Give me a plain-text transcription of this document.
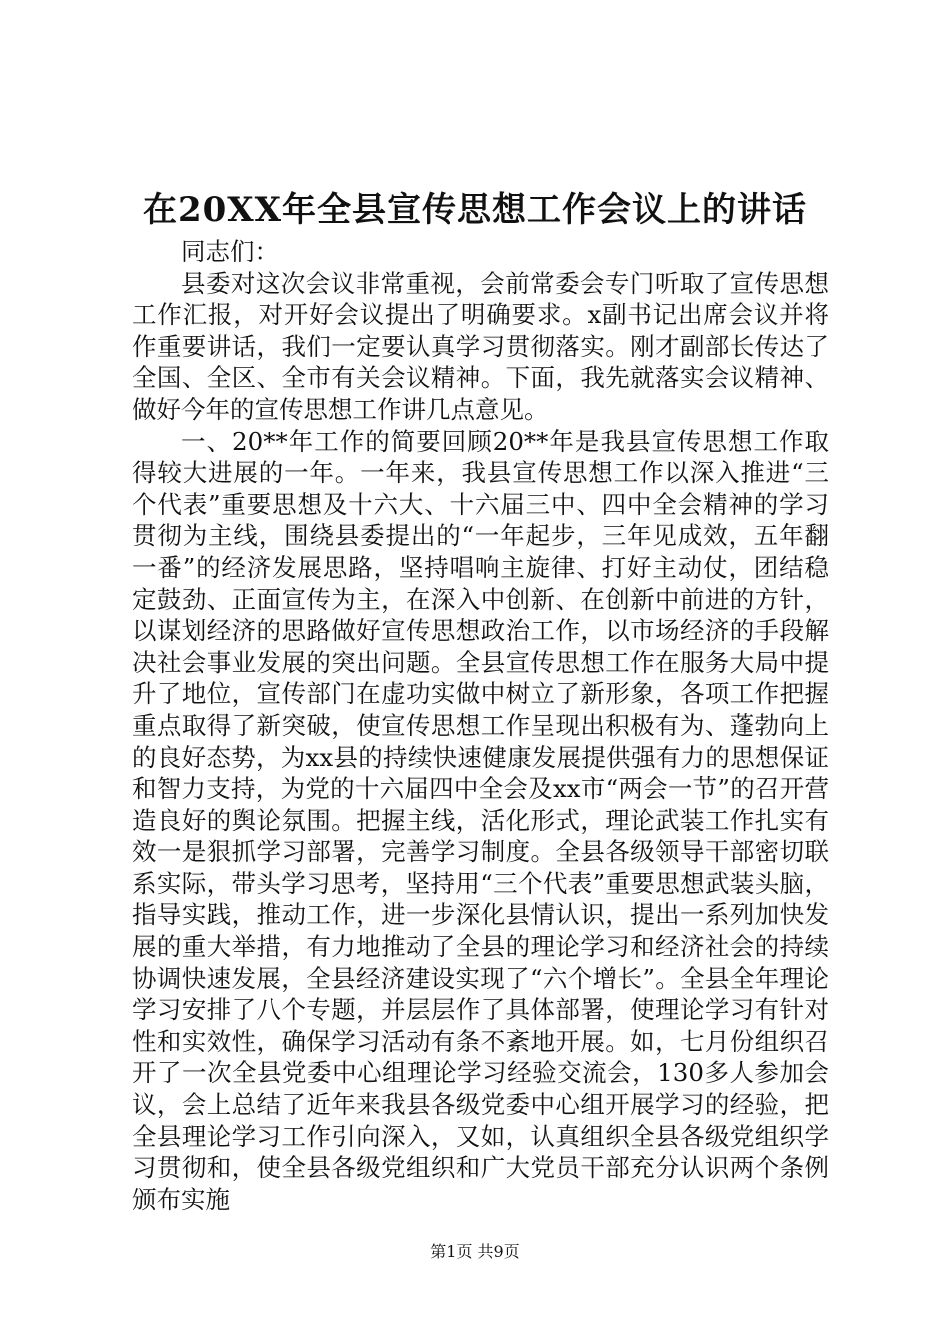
在20XX年全县宣传思想工作会议上的讲话

同志们：

县委对这次会议非常重视，会前常委会专门听取了宣传思想工作汇报，对开好会议提出了明确要求。x副书记出席会议并将作重要讲话，我们一定要认真学习贯彻落实。刚才副部长传达了全国、全区、全市有关会议精神。下面，我先就落实会议精神、做好今年的宣传思想工作讲几点意见。

一、20**年工作的简要回顾20**年是我县宣传思想工作取得较大进展的一年。一年来，我县宣传思想工作以深入推进“三个代表”重要思想及十六大、十六届三中、四中全会精神的学习贯彻为主线，围绕县委提出的“一年起步，三年见成效，五年翻一番”的经济发展思路，坚持唱响主旋律、打好主动仗，团结稳定鼓劲、正面宣传为主，在深入中创新、在创新中前进的方针，以谋划经济的思路做好宣传思想政治工作，以市场经济的手段解决社会事业发展的突出问题。全县宣传思想工作在服务大局中提升了地位，宣传部门在虚功实做中树立了新形象，各项工作把握重点取得了新突破，使宣传思想工作呈现出积极有为、蓬勃向上的良好态势，为xx县的持续快速健康发展提供强有力的思想保证和智力支持，为党的十六届四中全会及xx市“两会一节”的召开营造良好的舆论氛围。把握主线，活化形式，理论武装工作扎实有效一是狠抓学习部署，完善学习制度。全县各级领导干部密切联系实际，带头学习思考，坚持用“三个代表”重要思想武装头脑，指导实践，推动工作，进一步深化县情认识，提出一系列加快发展的重大举措，有力地推动了全县的理论学习和经济社会的持续协调快速发展，全县经济建设实现了“六个增长”。全县全年理论学习安排了八个专题，并层层作了具体部署，使理论学习有针对性和实效性，确保学习活动有条不紊地开展。如，七月份组织召开了一次全县党委中心组理论学习经验交流会，130多人参加会议，会上总结了近年来我县各级党委中心组开展学习的经验，把全县理论学习工作引向深入，又如，认真组织全县各级党组织学习贯彻和，使全县各级党组织和广大党员干部充分认识两个条例颁布实施

第1页 共9页
